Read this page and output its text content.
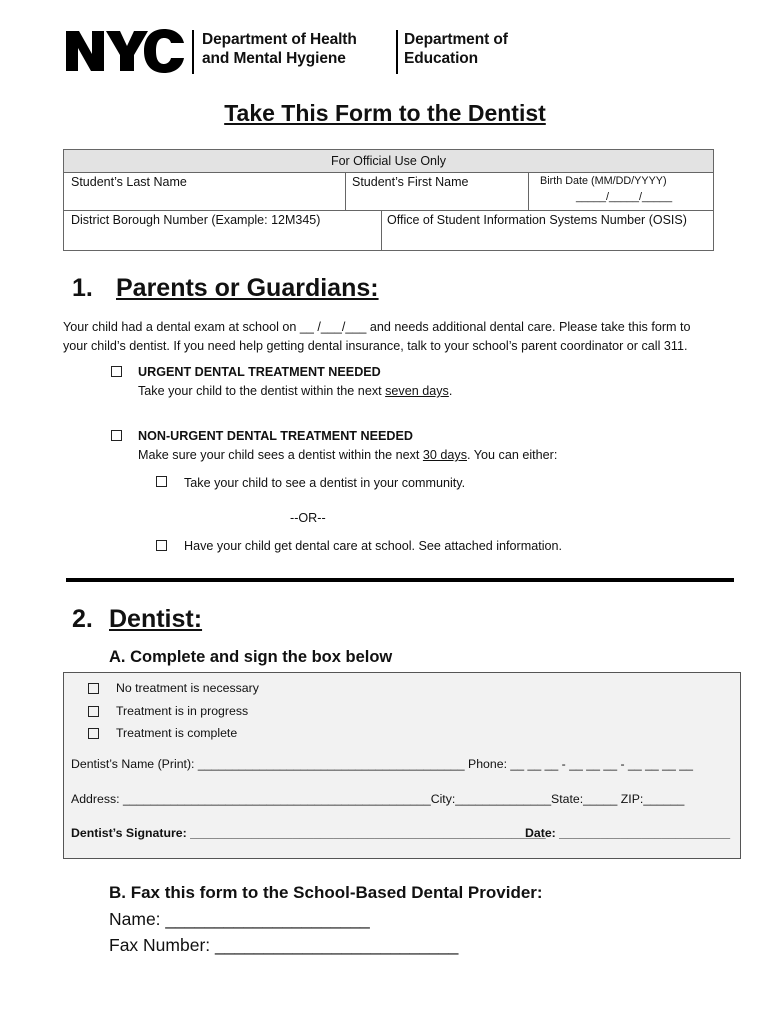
Department of Health
and Mental Hygiene
Department of
Education
Take This Form to the Dentist
For Official Use Only
Student’s Last Name	Student’s First Name	Birth Date (MM/DD/YYYY)
_____/_____/_____
District Borough Number (Example: 12M345)	Office of Student Information Systems Number (OSIS)
1. Parents or Guardians:
Your child had a dental exam at school on __ /___/___ and needs additional dental care. Please take this form to
your child’s dentist. If you need help getting dental insurance, talk to your school’s parent coordinator or call 311.
URGENT DENTAL TREATMENT NEEDED
Take your child to the dentist within the next seven days.
NON-URGENT DENTAL TREATMENT NEEDED
Make sure your child sees a dentist within the next 30 days. You can either:
Take your child to see a dentist in your community.
--OR--
Have your child get dental care at school. See attached information.
2. Dentist:
A. Complete and sign the box below
No treatment is necessary
Treatment is in progress
Treatment is complete
Dentist’s Name (Print): _______________________________________ Phone: __ __ __ - __ __ __ - __ __ __ __
Address: _____________________________________________City:______________State:_____ ZIP:______
Dentist’s Signature: ____________________________________________________
Date: _________________________
B. Fax this form to the School-Based Dental Provider:
Name: _____________________
Fax Number: _________________________
